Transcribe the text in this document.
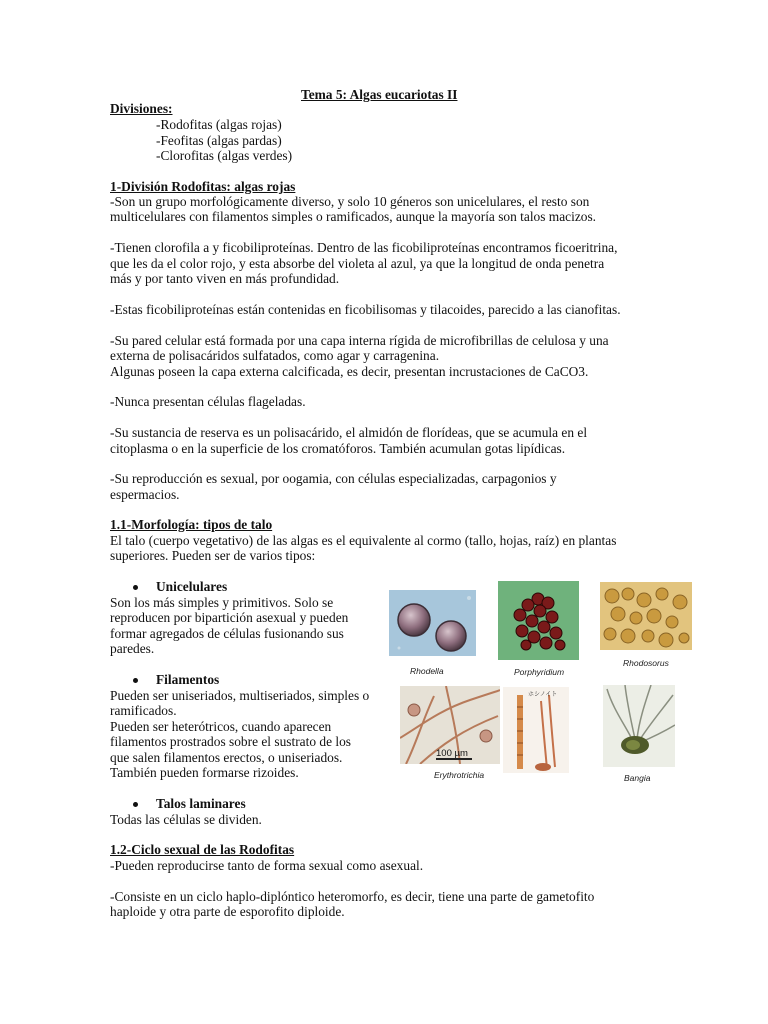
Tema 5: Algas eucariotas II
Divisiones:
-Rodofitas (algas rojas)
-Feofitas (algas pardas)
-Clorofitas (algas verdes)
1-División Rodofitas: algas rojas
-Son un grupo morfológicamente diverso, y solo 10 géneros son unicelulares, el resto son
multicelulares con filamentos simples o ramificados, aunque la mayoría son talos macizos.
-Tienen clorofila a y ficobiliproteínas. Dentro de las ficobiliproteínas encontramos ficoeritrina,
que les da el color rojo, y esta absorbe del violeta al azul, ya que la longitud de onda penetra
más y por tanto viven en más profundidad.
-Estas ficobiliproteínas están contenidas en ficobilisomas y tilacoides, parecido a las cianofitas.
-Su pared celular está formada por una capa interna rígida de microfibrillas de celulosa y una
externa de polisacáridos sulfatados, como agar y carragenina.
Algunas poseen la capa externa calcificada, es decir, presentan incrustaciones de CaCO3.
-Nunca presentan células flageladas.
-Su sustancia de reserva es un polisacárido, el almidón de florídeas, que se acumula en el
citoplasma o en la superficie de los cromatóforos. También acumulan gotas lipídicas.
-Su reproducción es sexual, por oogamia, con células especializadas, carpagonios y
espermacios.
1.1-Morfología: tipos de talo
El talo (cuerpo vegetativo) de las algas es el equivalente al cormo (tallo, hojas, raíz) en plantas
superiores. Pueden ser de varios tipos:
Unicelulares
Son los más simples y primitivos. Solo se
reproducen por bipartición asexual y pueden
formar agregados de células fusionando sus
paredes.
Filamentos
Pueden ser uniseriados, multiseriados, simples o
ramificados.
Pueden ser heterótricos, cuando aparecen
filamentos prostrados sobre el sustrato de los
que salen filamentos erectos, o uniseriados.
También pueden formarse rizoides.
Talos laminares
Todas las células se dividen.
1.2-Ciclo sexual de las Rodofitas
-Pueden reproducirse tanto de forma sexual como asexual.
-Consiste en un ciclo haplo-diplóntico heteromorfo, es decir, tiene una parte de gametofito
haploide y otra parte de esporofito diploide.
Rhodella	Porphyridium
Rhodosorus
100 µm
Erythrotrichia
ホシノイト
Bangia
